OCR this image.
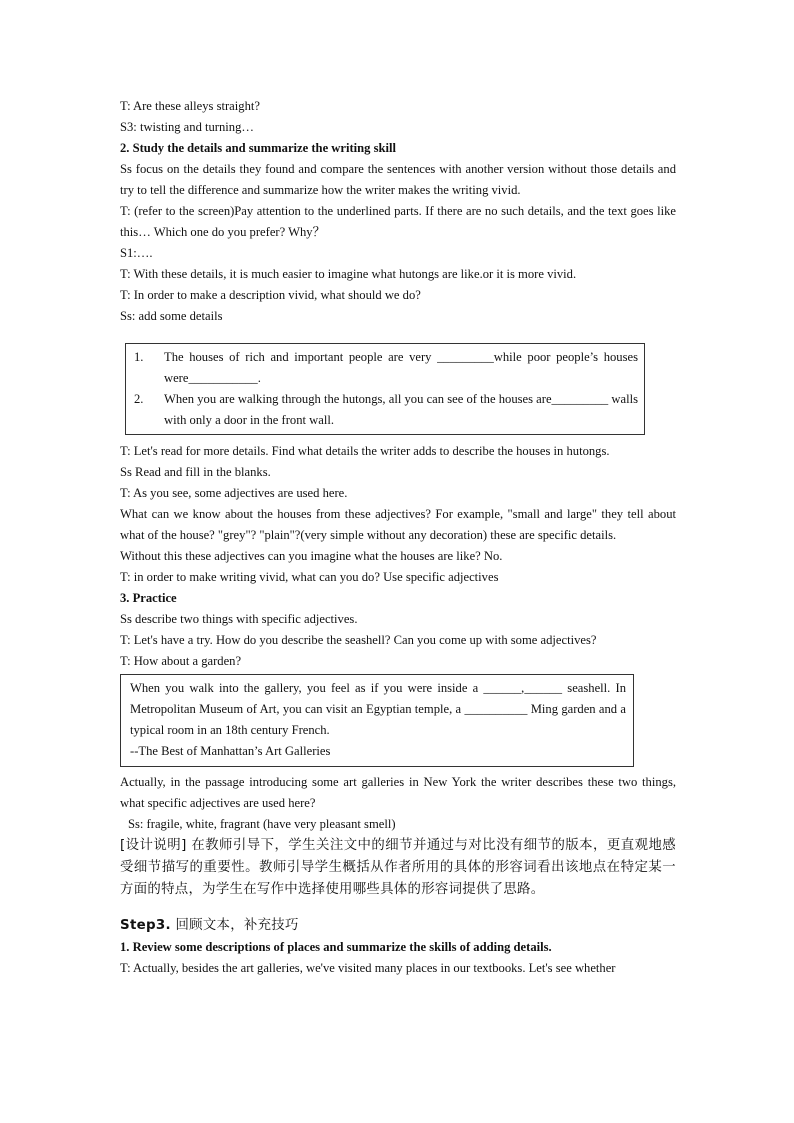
T: Are these alleys straight?

S3: twisting and turning…

2. Study the details and summarize the writing skill

Ss focus on the details they found and compare the sentences with another version without those details and try to tell the difference and summarize how the writer makes the writing vivid.

T: (refer to the screen)Pay attention to the underlined parts. If there are no such details, and the text goes like this… Which one do you prefer? Why？

S1:….

T: With these details, it is much easier to imagine what hutongs are like.or it is more vivid.

T: In order to make a description vivid, what should we do?

Ss: add some details

1.	The houses of rich and important people are very _________while poor people’s houses were___________.
2.	When you are walking through the hutongs, all you can see of the houses are_________ walls with only a door in the front wall.

T: Let's read for more details. Find what details the writer adds to describe the houses in hutongs.

Ss Read and fill in the blanks.

T: As you see, some adjectives are used here.

What can we know about the houses from these adjectives? For example, "small and large" they tell about what of the house? "grey"? "plain"?(very simple without any decoration) these are specific details.

Without this these adjectives can you imagine what the houses are like? No.

T: in order to make writing vivid, what can you do? Use specific adjectives

3. Practice

Ss describe two things with specific adjectives.

T: Let's have a try. How do you describe the seashell? Can you come up with some adjectives?

T: How about a garden?

When you walk into the gallery, you feel as if you were inside a ______,______ seashell. In Metropolitan Museum of Art, you can visit an Egyptian temple, a __________ Ming garden and a typical room in an 18th century French.

--The Best of Manhattan’s Art Galleries

Actually, in the passage introducing some art galleries in New York the writer describes these two things, what specific adjectives are used here?

Ss: fragile, white, fragrant (have very pleasant smell)

[设计说明] 在教师引导下，学生关注文中的细节并通过与对比没有细节的版本，更直观地感受细节描写的重要性。教师引导学生概括从作者所用的具体的形容词看出该地点在特定某一方面的特点，为学生在写作中选择使用哪些具体的形容词提供了思路。

Step3. 回顾文本，补充技巧

1. Review some descriptions of places and summarize the skills of adding details.

T: Actually, besides the art galleries, we've visited many places in our textbooks. Let's see whether
